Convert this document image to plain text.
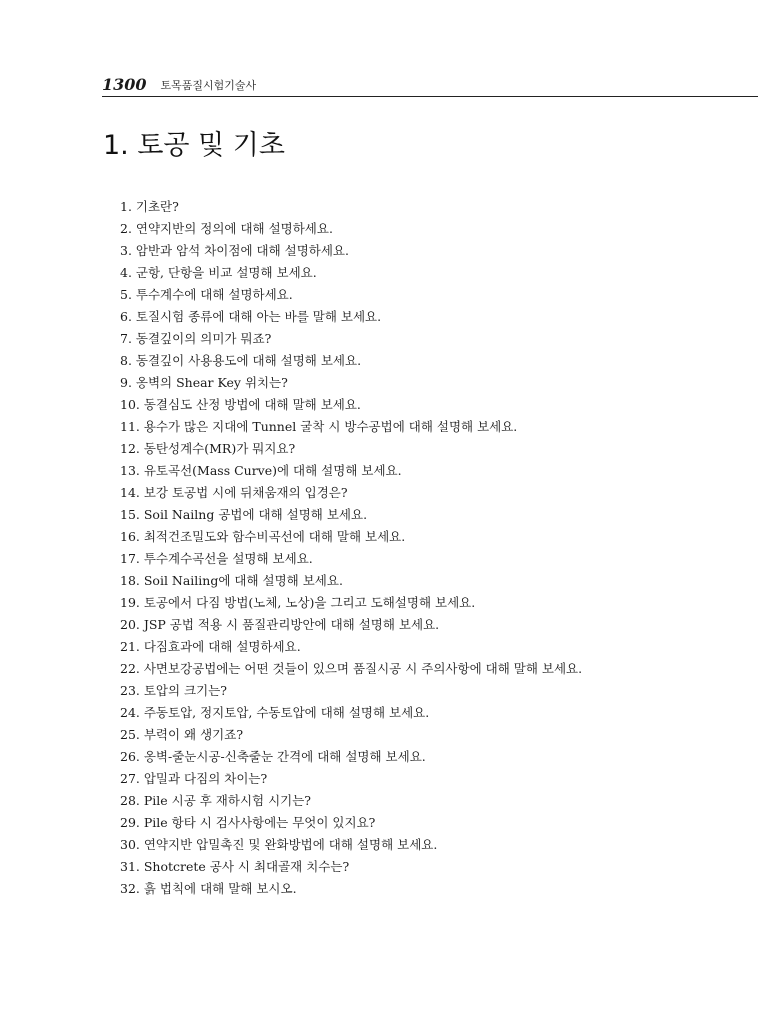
1300 토목품질시험기술사
1. 토공 및 기초
1. 기초란?
2. 연약지반의 정의에 대해 설명하세요.
3. 암반과 암석 차이점에 대해 설명하세요.
4. 군항, 단항을 비교 설명해 보세요.
5. 투수계수에 대해 설명하세요.
6. 토질시험 종류에 대해 아는 바를 말해 보세요.
7. 동결깊이의 의미가 뭐죠?
8. 동결깊이 사용용도에 대해 설명해 보세요.
9. 옹벽의 Shear Key 위치는?
10. 동결심도 산정 방법에 대해 말해 보세요.
11. 용수가 많은 지대에 Tunnel 굴착 시 방수공법에 대해 설명해 보세요.
12. 동탄성계수(MR)가 뭐지요?
13. 유토곡선(Mass Curve)에 대해 설명해 보세요.
14. 보강 토공법 시에 뒤채움재의 입경은?
15. Soil Nailng 공법에 대해 설명해 보세요.
16. 최적건조밀도와 함수비곡선에 대해 말해 보세요.
17. 투수계수곡선을 설명해 보세요.
18. Soil Nailing에 대해 설명해 보세요.
19. 토공에서 다짐 방법(노체, 노상)을 그리고 도해설명해 보세요.
20. JSP 공법 적용 시 품질관리방안에 대해 설명해 보세요.
21. 다짐효과에 대해 설명하세요.
22. 사면보강공법에는 어떤 것들이 있으며 품질시공 시 주의사항에 대해 말해 보세요.
23. 토압의 크기는?
24. 주동토압, 정지토압, 수동토압에 대해 설명해 보세요.
25. 부력이 왜 생기죠?
26. 옹벽-줄눈시공-신축줄눈 간격에 대해 설명해 보세요.
27. 압밀과 다짐의 차이는?
28. Pile 시공 후 재하시험 시기는?
29. Pile 항타 시 검사사항에는 무엇이 있지요?
30. 연약지반 압밀촉진 및 완화방법에 대해 설명해 보세요.
31. Shotcrete 공사 시 최대골재 치수는?
32. 흙 법칙에 대해 말해 보시오.
